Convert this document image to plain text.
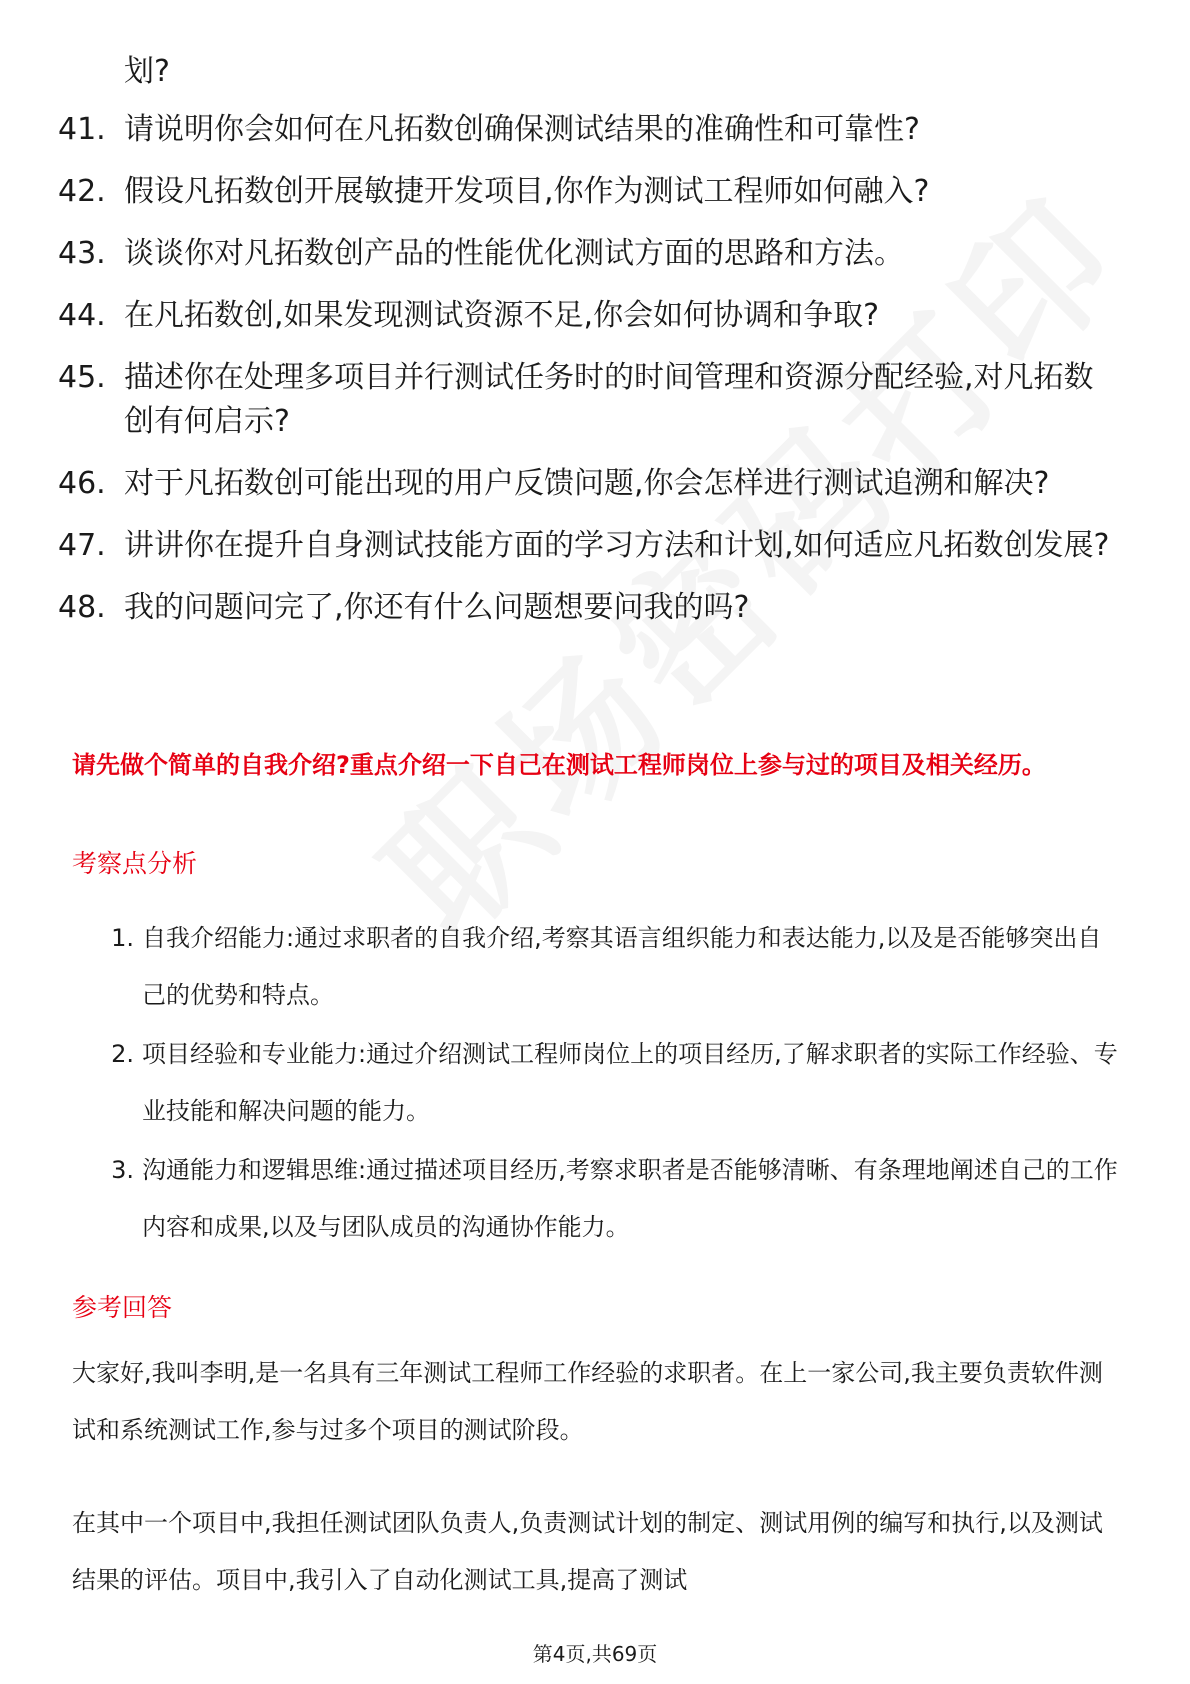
划?
41. 请说明你会如何在凡拓数创确保测试结果的准确性和可靠性?
42. 假设凡拓数创开展敏捷开发项目,你作为测试工程师如何融入?
43. 谈谈你对凡拓数创产品的性能优化测试方面的思路和方法。
44. 在凡拓数创,如果发现测试资源不足,你会如何协调和争取?
45. 描述你在处理多项目并行测试任务时的时间管理和资源分配经验,对凡拓数创有何启示?
46. 对于凡拓数创可能出现的用户反馈问题,你会怎样进行测试追溯和解决?
47. 讲讲你在提升自身测试技能方面的学习方法和计划,如何适应凡拓数创发展?
48. 我的问题问完了,你还有什么问题想要问我的吗?
请先做个简单的自我介绍?重点介绍一下自己在测试工程师岗位上参与过的项目及相关经历。
考察点分析
1. 自我介绍能力:通过求职者的自我介绍,考察其语言组织能力和表达能力,以及是否能够突出自己的优势和特点。
2. 项目经验和专业能力:通过介绍测试工程师岗位上的项目经历,了解求职者的实际工作经验、专业技能和解决问题的能力。
3. 沟通能力和逻辑思维:通过描述项目经历,考察求职者是否能够清晰、有条理地阐述自己的工作内容和成果,以及与团队成员的沟通协作能力。
参考回答

大家好,我叫李明,是一名具有三年测试工程师工作经验的求职者。在上一家公司,我主要负责软件测试和系统测试工作,参与过多个项目的测试阶段。

在其中一个项目中,我担任测试团队负责人,负责测试计划的制定、测试用例的编写和执行,以及测试结果的评估。项目中,我引入了自动化测试工具,提高了测试

第4页,共69页
